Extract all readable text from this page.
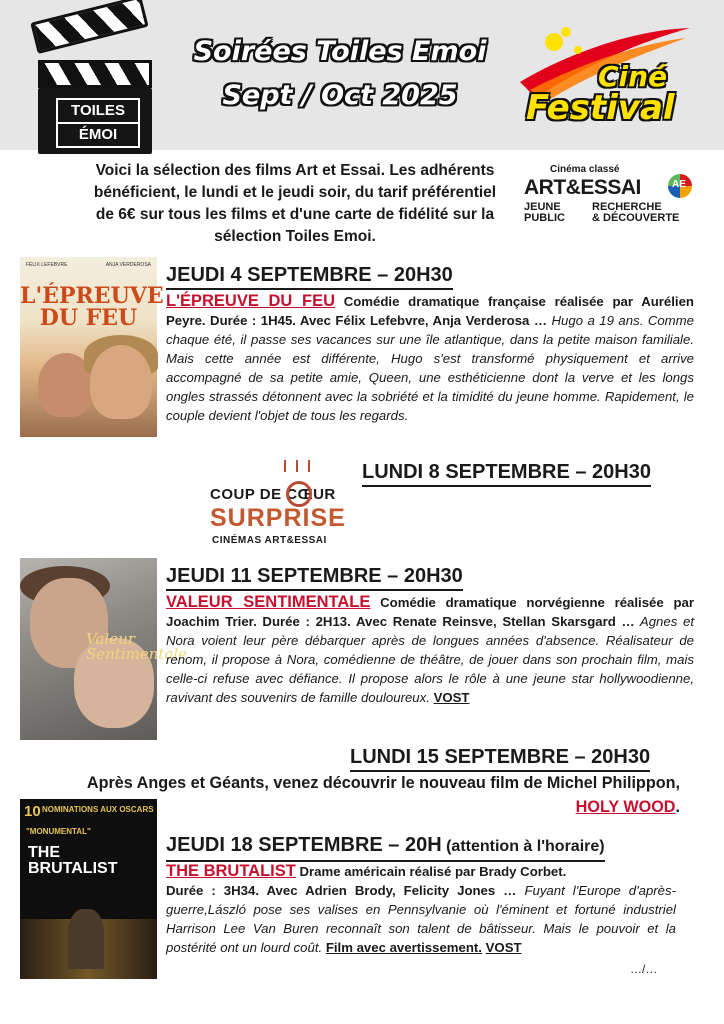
TOILES
ÉMOI
Soirées Toiles Emoi
Sept / Oct 2025
Ciné
Festival
Voici la sélection des films Art et Essai. Les adhérents bénéficient, le lundi et le jeudi soir, du tarif préférentiel de 6€ sur tous les films et d'une carte de fidélité sur la sélection Toiles Emoi.
Cinéma classé
ART&ESSAI	AE
JEUNE
PUBLIC
RECHERCHE
& DÉCOUVERTE
FÉLIX LEFEBVRE	ANJA VERDEROSA
L'ÉPREUVE
DU FEU
JEUDI 4 SEPTEMBRE – 20H30
L'ÉPREUVE DU FEU Comédie dramatique française réalisée par Aurélien Peyre. Durée : 1H45. Avec Félix Lefebvre, Anja Verderosa … Hugo a 19 ans. Comme chaque été, il passe ses vacances sur une île atlantique, dans la petite maison familiale. Mais cette année est différente, Hugo s'est transformé physiquement et arrive accompagné de sa petite amie, Queen, une esthéticienne dont la verve et les longs ongles strassés détonnent avec la sobriété et la timidité du jeune homme. Rapidement, le couple devient l'objet de tous les regards.
COUP DE CŒUR
SURPRISE
CINÉMAS ART&ESSAI
LUNDI 8 SEPTEMBRE – 20H30
Valeur
Sentimentale
JEUDI 11 SEPTEMBRE – 20H30
VALEUR SENTIMENTALE Comédie dramatique norvégienne réalisée par Joachim Trier. Durée : 2H13. Avec Renate Reinsve, Stellan Skarsgard … Agnes et Nora voient leur père débarquer après de longues années d'absence. Réalisateur de renom, il propose à Nora, comédienne de théâtre, de jouer dans son prochain film, mais celle-ci refuse avec défiance. Il propose alors le rôle à une jeune star hollywoodienne, ravivant des souvenirs de famille douloureux. VOST
LUNDI 15 SEPTEMBRE – 20H30
Après Anges et Géants, venez découvrir le nouveau film de Michel Philippon, HOLY WOOD.
10 NOMINATIONS AUX OSCARS
"MONUMENTAL"
THE
BRUTALIST
JEUDI 18 SEPTEMBRE – 20H (attention à l'horaire)
THE BRUTALIST Drame américain réalisé par Brady Corbet.
Durée : 3H34. Avec Adrien Brody, Felicity Jones … Fuyant l'Europe d'après-guerre,László pose ses valises en Pennsylvanie où l'éminent et fortuné industriel Harrison Lee Van Buren reconnaît son talent de bâtisseur. Mais le pouvoir et la postérité ont un lourd coût. Film avec avertissement. VOST
…/…
